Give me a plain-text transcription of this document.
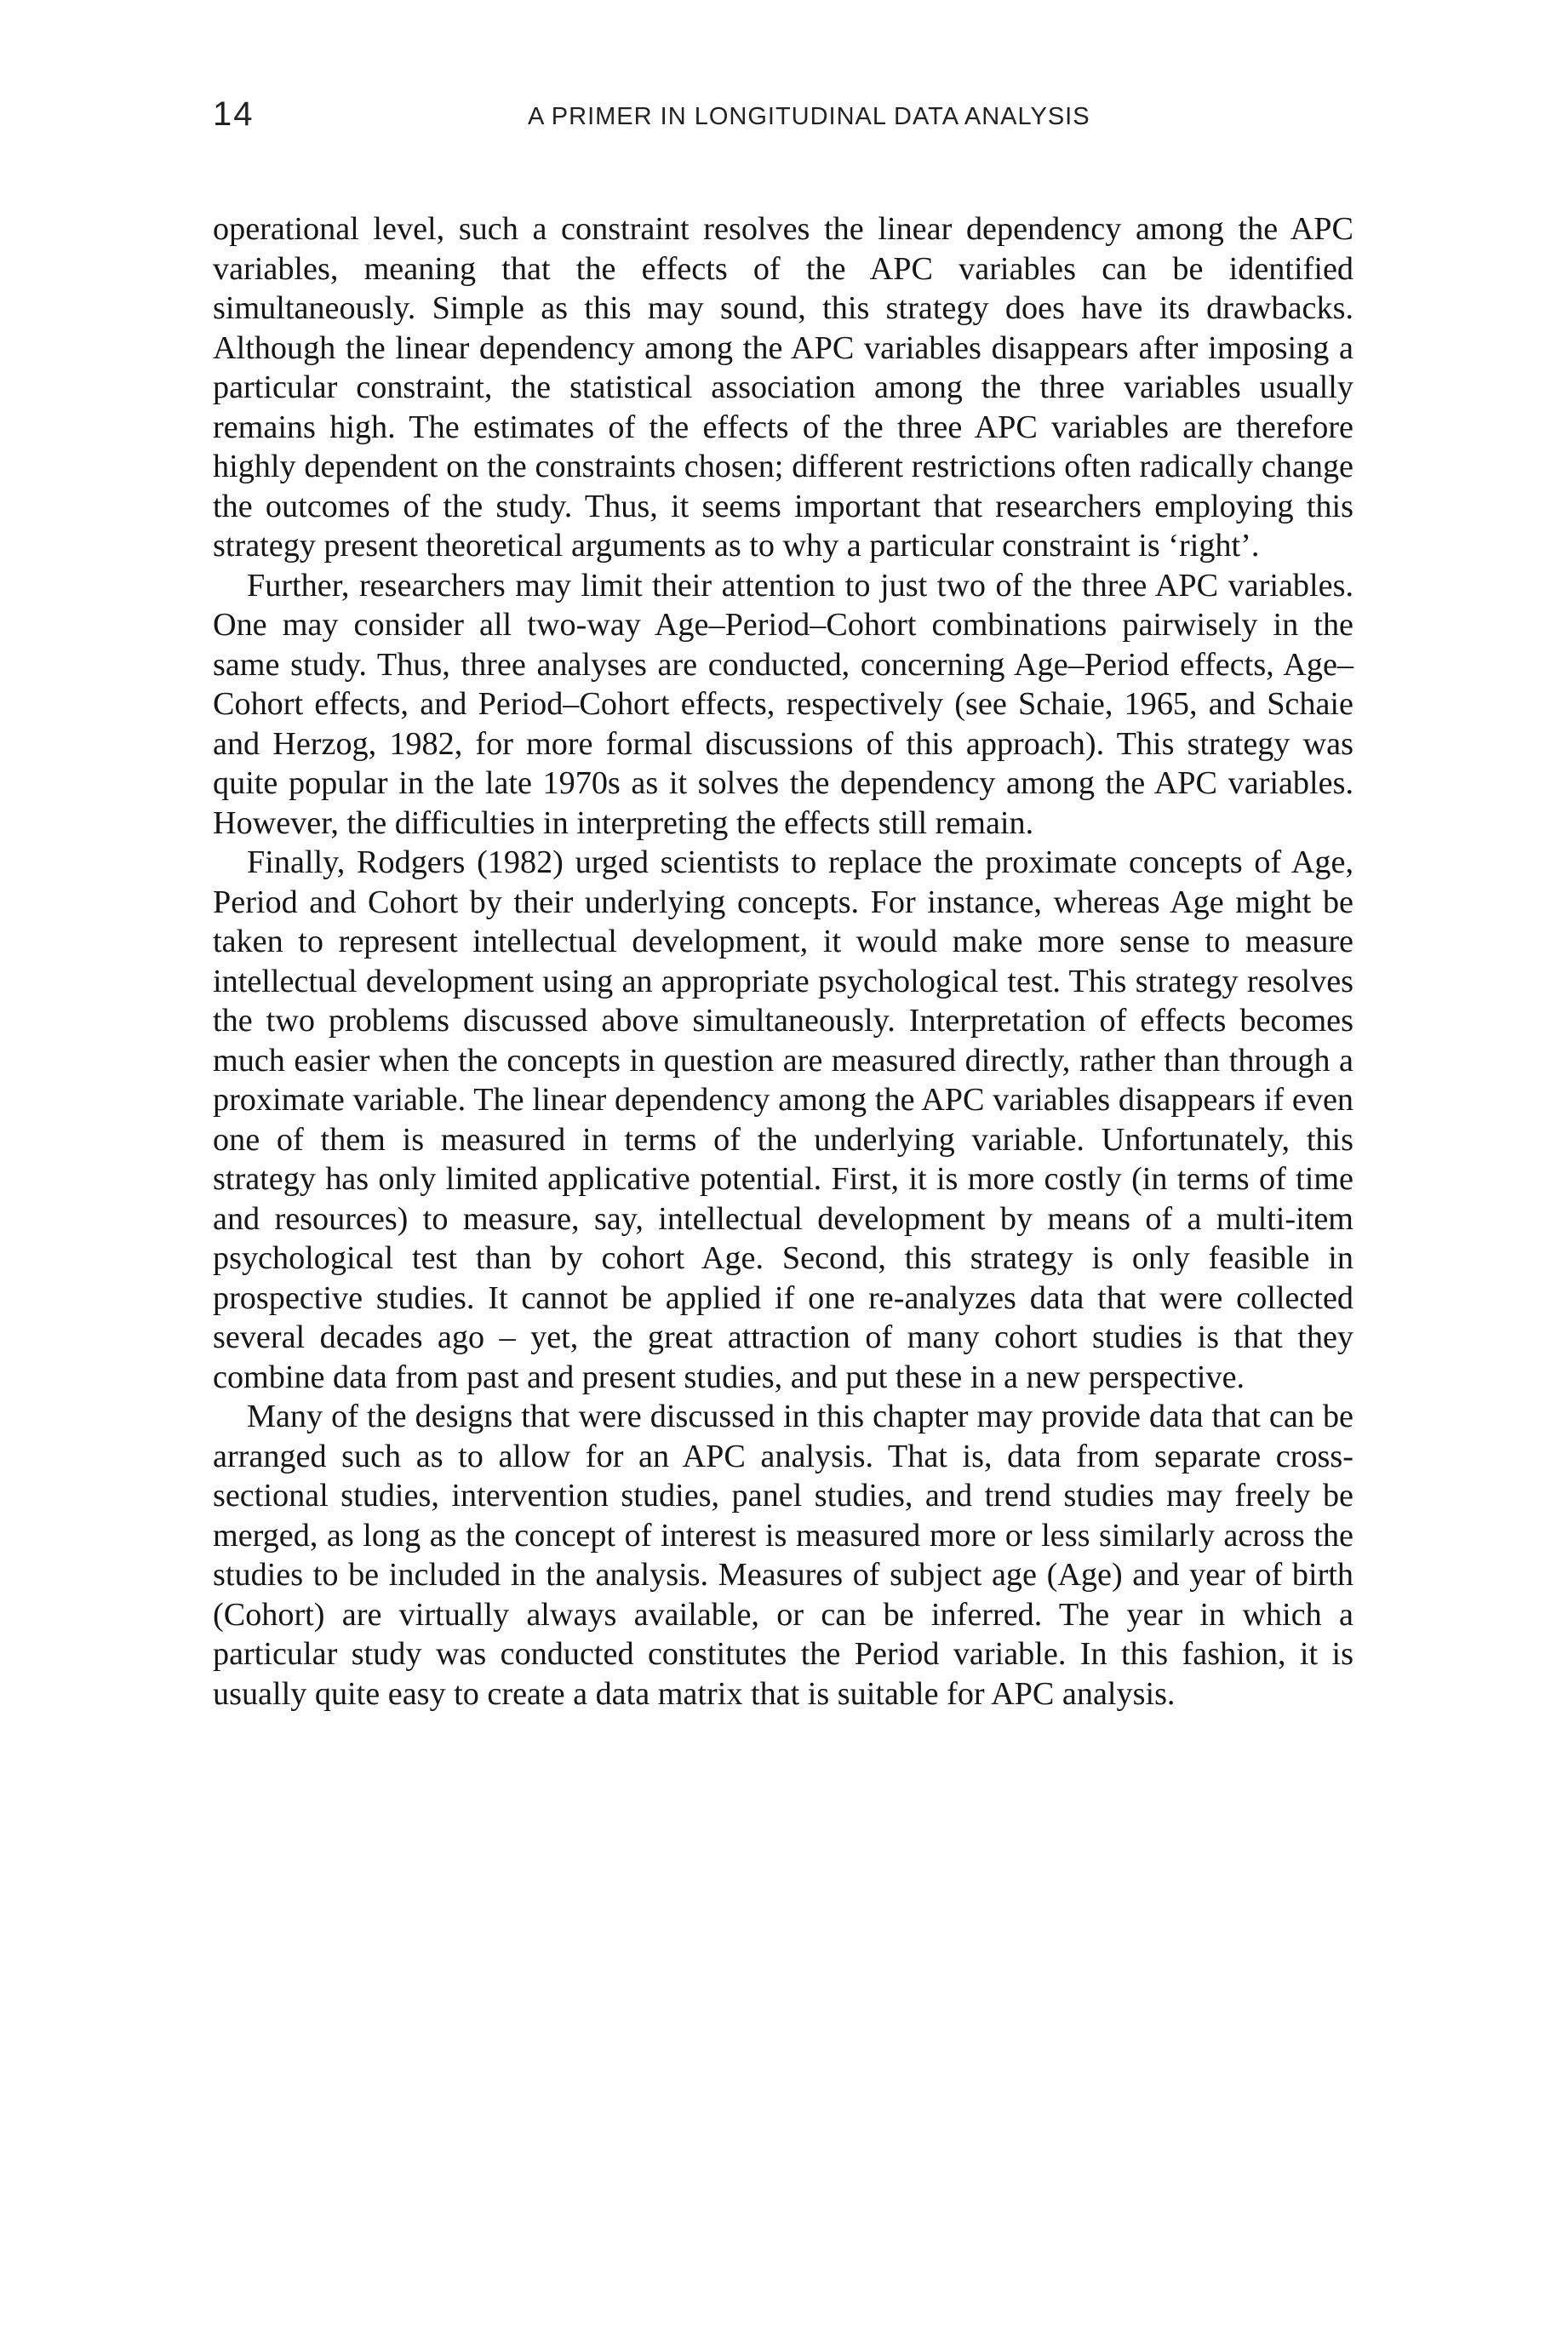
14	A PRIMER IN LONGITUDINAL DATA ANALYSIS

operational level, such a constraint resolves the linear dependency among the APC variables, meaning that the effects of the APC variables can be identified simultaneously. Simple as this may sound, this strategy does have its drawbacks. Although the linear dependency among the APC variables disappears after imposing a particular constraint, the statistical association among the three variables usually remains high. The estimates of the effects of the three APC variables are therefore highly dependent on the constraints chosen; different restrictions often radically change the outcomes of the study. Thus, it seems important that researchers employing this strategy present theoretical arguments as to why a particular constraint is ‘right’.

Further, researchers may limit their attention to just two of the three APC variables. One may consider all two-way Age–Period–Cohort combinations pairwisely in the same study. Thus, three analyses are conducted, concerning Age–Period effects, Age–Cohort effects, and Period–Cohort effects, respectively (see Schaie, 1965, and Schaie and Herzog, 1982, for more formal discussions of this approach). This strategy was quite popular in the late 1970s as it solves the dependency among the APC variables. However, the difficulties in interpreting the effects still remain.

Finally, Rodgers (1982) urged scientists to replace the proximate concepts of Age, Period and Cohort by their underlying concepts. For instance, whereas Age might be taken to represent intellectual development, it would make more sense to measure intellectual development using an appropriate psychological test. This strategy resolves the two problems discussed above simultaneously. Interpretation of effects becomes much easier when the concepts in question are measured directly, rather than through a proximate variable. The linear dependency among the APC variables disappears if even one of them is measured in terms of the underlying variable. Unfortunately, this strategy has only limited applicative potential. First, it is more costly (in terms of time and resources) to measure, say, intellectual development by means of a multi-item psychological test than by cohort Age. Second, this strategy is only feasible in prospective studies. It cannot be applied if one re-analyzes data that were collected several decades ago – yet, the great attraction of many cohort studies is that they combine data from past and present studies, and put these in a new perspective.

Many of the designs that were discussed in this chapter may provide data that can be arranged such as to allow for an APC analysis. That is, data from separate cross-sectional studies, intervention studies, panel studies, and trend studies may freely be merged, as long as the concept of interest is measured more or less similarly across the studies to be included in the analysis. Measures of subject age (Age) and year of birth (Cohort) are virtually always available, or can be inferred. The year in which a particular study was conducted constitutes the Period variable. In this fashion, it is usually quite easy to create a data matrix that is suitable for APC analysis.
